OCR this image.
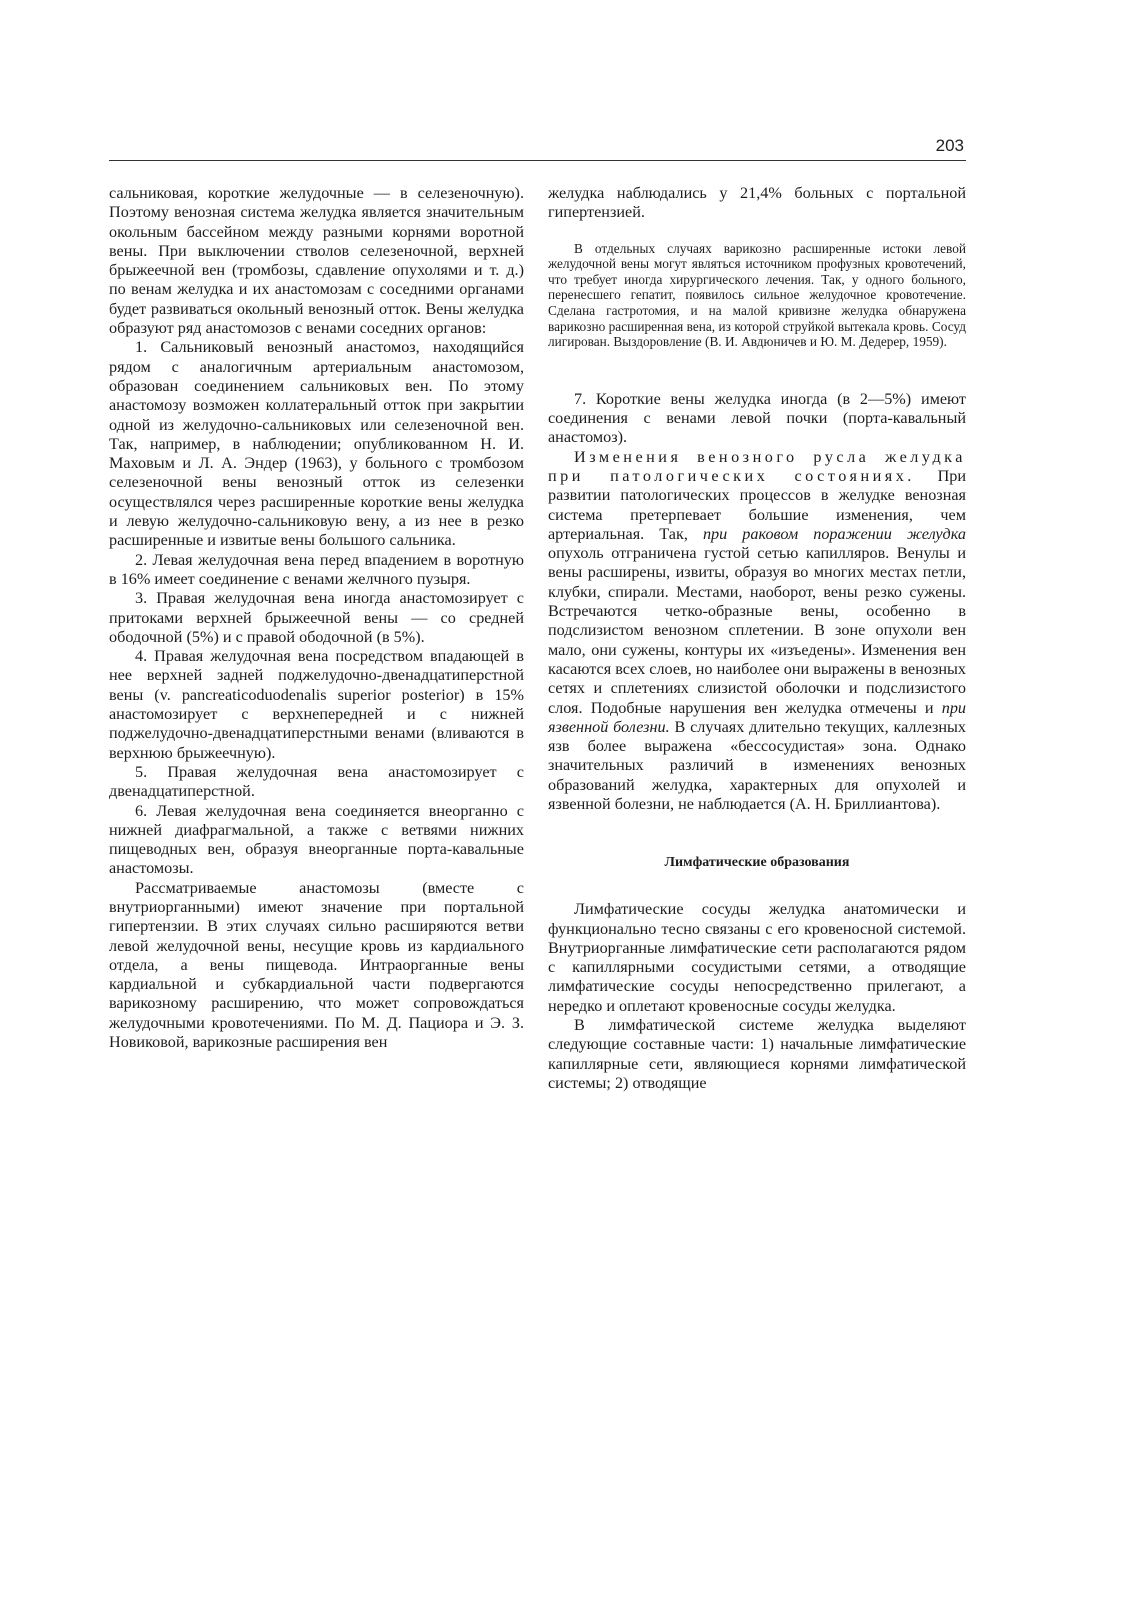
203

сальниковая, короткие желудочные — в селезеночную). Поэтому венозная система желудка является значительным окольным бассейном между разными корнями воротной вены. При выключении стволов селезеночной, верхней брыжеечной вен (тромбозы, сдавление опухолями и т. д.) по венам желудка и их анастомозам с соседними органами будет развиваться окольный венозный отток. Вены желудка образуют ряд анастомозов с венами соседних органов:

1. Сальниковый венозный анастомоз, находящийся рядом с аналогичным артериальным анастомозом, образован соединением сальниковых вен. По этому анастомозу возможен коллатеральный отток при закрытии одной из желудочно-сальниковых или селезеночной вен. Так, например, в наблюдении; опубликованном Н. И. Маховым и Л. А. Эндер (1963), у больного с тромбозом селезеночной вены венозный отток из селезенки осуществлялся через расширенные короткие вены желудка и левую желудочно-сальниковую вену, а из нее в резко расширенные и извитые вены большого сальника.

2. Левая желудочная вена перед впадением в воротную в 16% имеет соединение с венами желчного пузыря.

3. Правая желудочная вена иногда анастомозирует с притоками верхней брыжеечной вены — со средней ободочной (5%) и с правой ободочной (в 5%).

4. Правая желудочная вена посредством впадающей в нее верхней задней поджелудочно-двенадцатиперстной вены (v. pancreaticoduodenalis superior posterior) в 15% анастомозирует с верхнепередней и с нижней поджелудочно-двенадцатиперстными венами (вливаются в верхнюю брыжеечную).

5. Правая желудочная вена анастомозирует с двенадцатиперстной.

6. Левая желудочная вена соединяется внеорганно с нижней диафрагмальной, а также с ветвями нижних пищеводных вен, образуя внеорганные порта-кавальные анастомозы.

Рассматриваемые анастомозы (вместе с внутриорганными) имеют значение при портальной гипертензии. В этих случаях сильно расширяются ветви левой желудочной вены, несущие кровь из кардиального отдела, а вены пищевода. Интраорганные вены кардиальной и субкардиальной части подвергаются варикозному расширению, что может сопровождаться желудочными кровотечениями. По М. Д. Пациора и Э. З. Новиковой, варикозные расширения вен

желудка наблюдались у 21,4% больных с портальной гипертензией.

В отдельных случаях варикозно расширенные истоки левой желудочной вены могут являться источником профузных кровотечений, что требует иногда хирургического лечения. Так, у одного больного, перенесшего гепатит, появилось сильное желудочное кровотечение. Сделана гастротомия, и на малой кривизне желудка обнаружена варикозно расширенная вена, из которой струйкой вытекала кровь. Сосуд лигирован. Выздоровление (В. И. Авдюничев и Ю. М. Дедерер, 1959).

7. Короткие вены желудка иногда (в 2—5%) имеют соединения с венами левой почки (порта-кавальный анастомоз).

Изменения венозного русла желудка при патологических состояниях. При развитии патологических процессов в желудке венозная система претерпевает большие изменения, чем артериальная. Так, при раковом поражении желудка опухоль отграничена густой сетью капилляров. Венулы и вены расширены, извиты, образуя во многих местах петли, клубки, спирали. Местами, наоборот, вены резко сужены. Встречаются четко-образные вены, особенно в подслизистом венозном сплетении. В зоне опухоли вен мало, они сужены, контуры их «изъедены». Изменения вен касаются всех слоев, но наиболее они выражены в венозных сетях и сплетениях слизистой оболочки и подслизистого слоя. Подобные нарушения вен желудка отмечены и при язвенной болезни. В случаях длительно текущих, каллезных язв более выражена «бессосудистая» зона. Однако значительных различий в изменениях венозных образований желудка, характерных для опухолей и язвенной болезни, не наблюдается (А. Н. Бриллиантова).

Лимфатические образования

Лимфатические сосуды желудка анатомически и функционально тесно связаны с его кровеносной системой. Внутриорганные лимфатические сети располагаются рядом с капиллярными сосудистыми сетями, а отводящие лимфатические сосуды непосредственно прилегают, а нередко и оплетают кровеносные сосуды желудка.

В лимфатической системе желудка выделяют следующие составные части: 1) начальные лимфатические капиллярные сети, являющиеся корнями лимфатической системы; 2) отводящие
